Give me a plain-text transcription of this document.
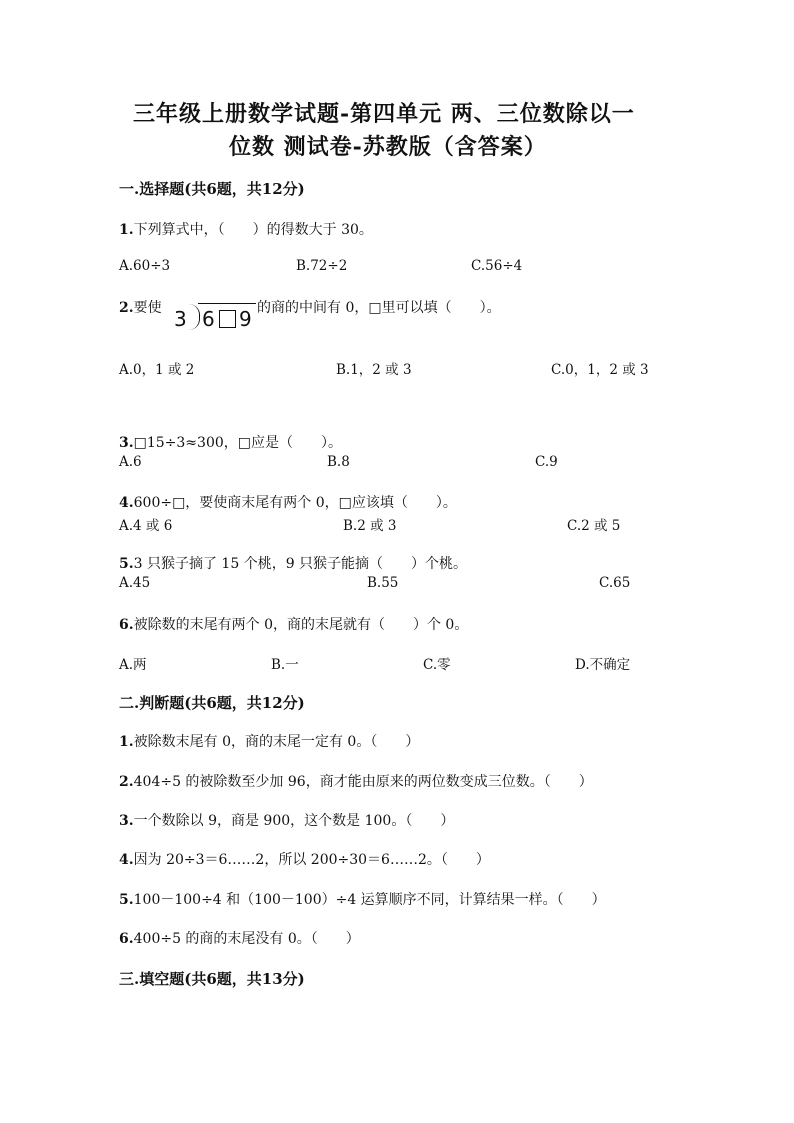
三年级上册数学试题-第四单元 两、三位数除以一
位数 测试卷-苏教版（含答案）
一.选择题(共6题，共12分)
1.下列算式中，（　　）的得数大于 30。
A.60÷3	B.72÷2	C.56÷4
2.要使 3 6 9 的商的中间有 0，□里可以填（　　）。
A.0，1 或 2	B.1，2 或 3	C.0，1，2 或 3
3.□15÷3≈300，□应是（　　）。
A.6	B.8	C.9
4.600÷□，要使商末尾有两个 0，□应该填（　　）。
A.4 或 6	B.2 或 3	C.2 或 5
5.3 只猴子摘了 15 个桃，9 只猴子能摘（　　）个桃。
A.45	B.55	C.65
6.被除数的末尾有两个 0，商的末尾就有（　　）个 0。
A.两	B.一	C.零	D.不确定
二.判断题(共6题，共12分)
1.被除数末尾有 0，商的末尾一定有 0。（　　）
2.404÷5 的被除数至少加 96，商才能由原来的两位数变成三位数。（　　）
3.一个数除以 9，商是 900，这个数是 100。（　　）
4.因为 20÷3＝6……2，所以 200÷30＝6……2。（　　）
5.100－100÷4 和（100－100）÷4 运算顺序不同，计算结果一样。（　　）
6.400÷5 的商的末尾没有 0。（　　）
三.填空题(共6题，共13分)
